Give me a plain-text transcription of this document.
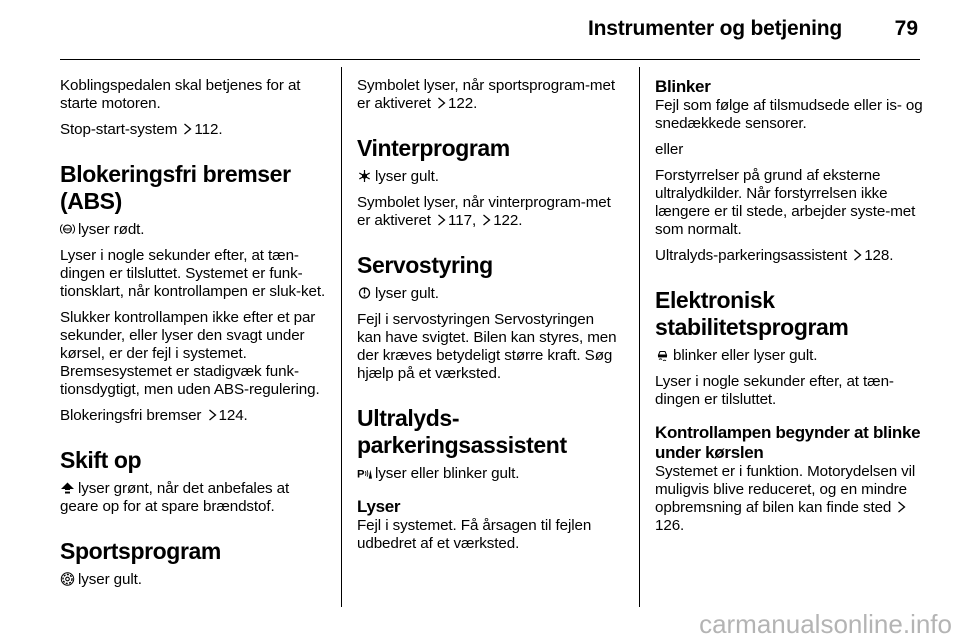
Instrumenter og betjening	79

Koblingspedalen skal betjenes for at starte motoren.

Stop-start-system 112.

Blokeringsfri bremser (ABS)

ABS lyser rødt.

Lyser i nogle sekunder efter, at tæn-dingen er tilsluttet. Systemet er funk-tionsklart, når kontrollampen er sluk-ket.

Slukker kontrollampen ikke efter et par sekunder, eller lyser den svagt under kørsel, er der fejl i systemet. Bremsesystemet er stadigvæk funk-tionsdygtigt, men uden ABS-regulering.

Blokeringsfri bremser 124.

Skift op

lyser grønt, når det anbefales at geare op for at spare brændstof.

Sportsprogram

lyser gult.

Symbolet lyser, når sportsprogram-met er aktiveret 122.

Vinterprogram

lyser gult.

Symbolet lyser, når vinterprogram-met er aktiveret 117, 122.

Servostyring

lyser gult.

Fejl i servostyringen Servostyringen kan have svigtet. Bilen kan styres, men der kræves betydeligt større kraft. Søg hjælp på et værksted.

Ultralyds-
parkeringsassistent

P lyser eller blinker gult.

Lyser

Fejl i systemet. Få årsagen til fejlen udbedret af et værksted.

Blinker

Fejl som følge af tilsmudsede eller is- og snedækkede sensorer.

eller

Forstyrrelser på grund af eksterne ultralydkilder. Når forstyrrelsen ikke længere er til stede, arbejder syste-met som normalt.

Ultralyds-parkeringsassistent 128.

Elektronisk
stabilitetsprogram

blinker eller lyser gult.

Lyser i nogle sekunder efter, at tæn-dingen er tilsluttet.

Kontrollampen begynder at blinke under kørslen

Systemet er i funktion. Motorydelsen vil muligvis blive reduceret, og en mindre opbremsning af bilen kan finde sted 126.

carmanualsonline.info
